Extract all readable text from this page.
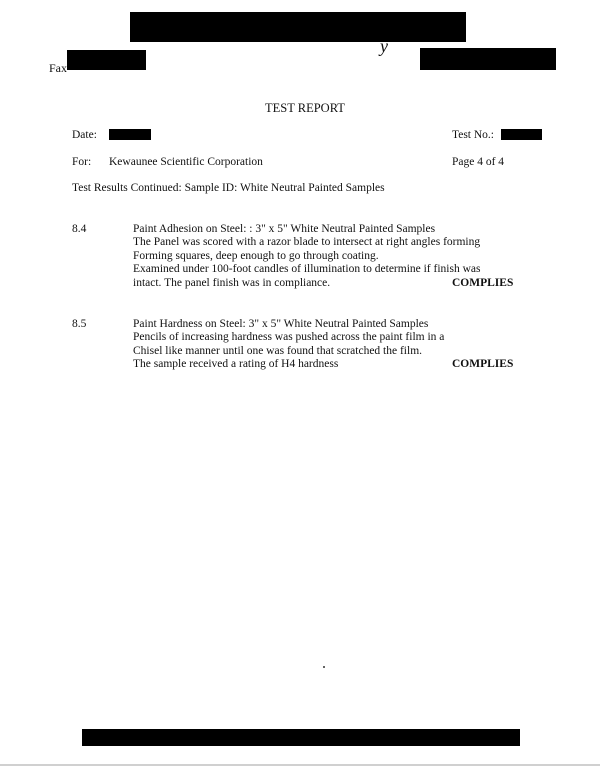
y
Fax
TEST REPORT
Date:	Test No.:
For: Kewaunee Scientific Corporation	Page 4 of 4
Test Results Continued: Sample ID: White Neutral Painted Samples
8.4	Paint Adhesion on Steel: : 3" x 5" White Neutral Painted Samples
The Panel was scored with a razor blade to intersect at right angles forming
Forming squares, deep enough to go through coating.
Examined under 100-foot candles of illumination to determine if finish was
intact. The panel finish was in compliance.	COMPLIES
8.5	Paint Hardness on Steel: 3" x 5" White Neutral Painted Samples
Pencils of increasing hardness was pushed across the paint film in a
Chisel like manner until one was found that scratched the film.
The sample received a rating of H4 hardness	COMPLIES
